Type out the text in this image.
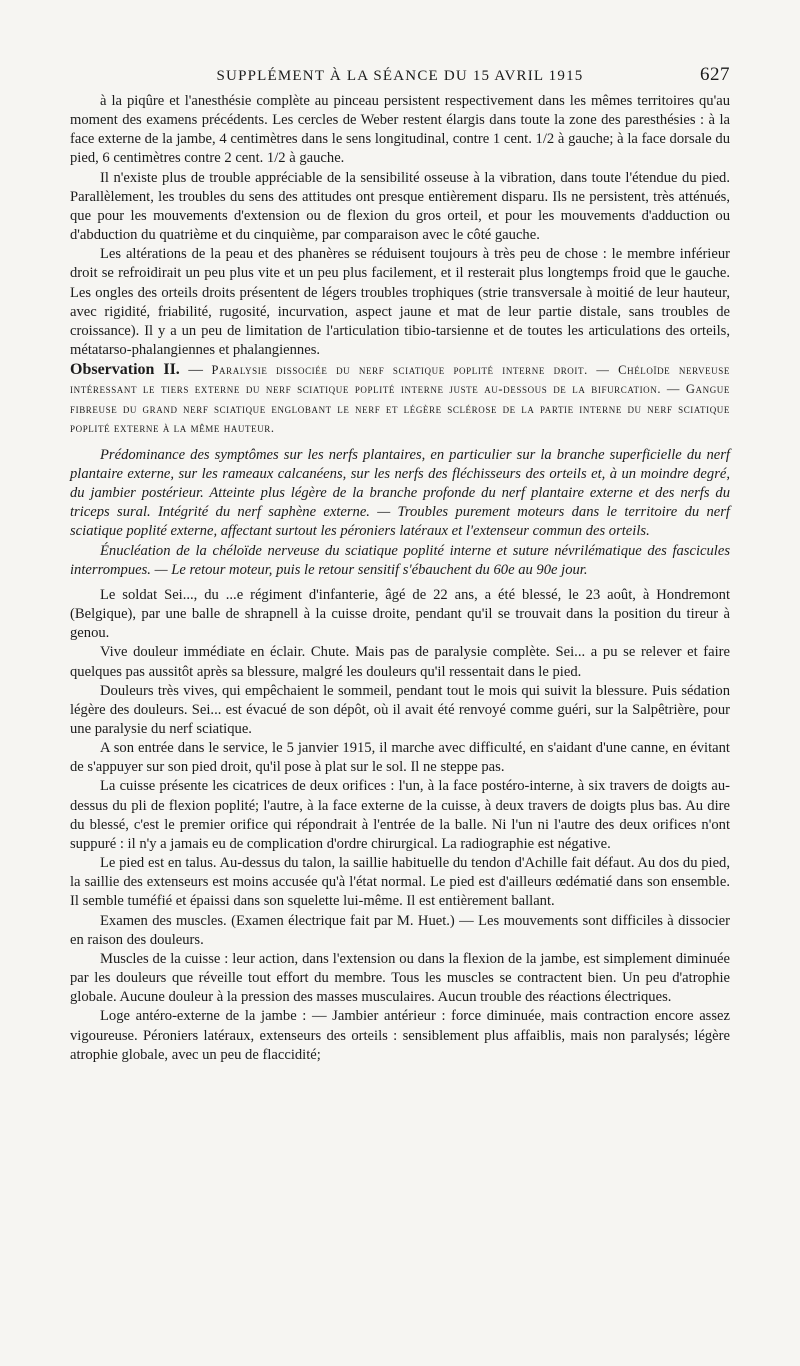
SUPPLÉMENT À LA SÉANCE DU 15 AVRIL 1915	627

à la piqûre et l'anesthésie complète au pinceau persistent respectivement dans les mêmes territoires qu'au moment des examens précédents. Les cercles de Weber restent élargis dans toute la zone des paresthésies : à la face externe de la jambe, 4 centimètres dans le sens longitudinal, contre 1 cent. 1/2 à gauche; à la face dorsale du pied, 6 centimètres contre 2 cent. 1/2 à gauche.

Il n'existe plus de trouble appréciable de la sensibilité osseuse à la vibration, dans toute l'étendue du pied. Parallèlement, les troubles du sens des attitudes ont presque entièrement disparu. Ils ne persistent, très atténués, que pour les mouvements d'extension ou de flexion du gros orteil, et pour les mouvements d'adduction ou d'abduction du quatrième et du cinquième, par comparaison avec le côté gauche.

Les altérations de la peau et des phanères se réduisent toujours à très peu de chose : le membre inférieur droit se refroidirait un peu plus vite et un peu plus facilement, et il resterait plus longtemps froid que le gauche. Les ongles des orteils droits présentent de légers troubles trophiques (strie transversale à moitié de leur hauteur, avec rigidité, friabilité, rugosité, incurvation, aspect jaune et mat de leur partie distale, sans troubles de croissance). Il y a un peu de limitation de l'articulation tibio-tarsienne et de toutes les articulations des orteils, métatarso-phalangiennes et phalangiennes.

Observation II. — Paralysie dissociée du nerf sciatique poplité interne droit. — Chéloïde nerveuse intéressant le tiers externe du nerf sciatique poplité interne juste au-dessous de la bifurcation. — Gangue fibreuse du grand nerf sciatique englobant le nerf et légère sclérose de la partie interne du nerf sciatique poplité externe à la même hauteur.

Prédominance des symptômes sur les nerfs plantaires, en particulier sur la branche superficielle du nerf plantaire externe, sur les rameaux calcanéens, sur les nerfs des fléchisseurs des orteils et, à un moindre degré, du jambier postérieur. Atteinte plus légère de la branche profonde du nerf plantaire externe et des nerfs du triceps sural. Intégrité du nerf saphène externe. — Troubles purement moteurs dans le territoire du nerf sciatique poplité externe, affectant surtout les péroniers latéraux et l'extenseur commun des orteils.

Énucléation de la chéloïde nerveuse du sciatique poplité interne et suture névrilématique des fascicules interrompues. — Le retour moteur, puis le retour sensitif s'ébauchent du 60e au 90e jour.

Le soldat Sei..., du ...e régiment d'infanterie, âgé de 22 ans, a été blessé, le 23 août, à Hondremont (Belgique), par une balle de shrapnell à la cuisse droite, pendant qu'il se trouvait dans la position du tireur à genou.

Vive douleur immédiate en éclair. Chute. Mais pas de paralysie complète. Sei... a pu se relever et faire quelques pas aussitôt après sa blessure, malgré les douleurs qu'il ressentait dans le pied.

Douleurs très vives, qui empêchaient le sommeil, pendant tout le mois qui suivit la blessure. Puis sédation légère des douleurs. Sei... est évacué de son dépôt, où il avait été renvoyé comme guéri, sur la Salpêtrière, pour une paralysie du nerf sciatique.

A son entrée dans le service, le 5 janvier 1915, il marche avec difficulté, en s'aidant d'une canne, en évitant de s'appuyer sur son pied droit, qu'il pose à plat sur le sol. Il ne steppe pas.

La cuisse présente les cicatrices de deux orifices : l'un, à la face postéro-interne, à six travers de doigts au-dessus du pli de flexion poplité; l'autre, à la face externe de la cuisse, à deux travers de doigts plus bas. Au dire du blessé, c'est le premier orifice qui répondrait à l'entrée de la balle. Ni l'un ni l'autre des deux orifices n'ont suppuré : il n'y a jamais eu de complication d'ordre chirurgical. La radiographie est négative.

Le pied est en talus. Au-dessus du talon, la saillie habituelle du tendon d'Achille fait défaut. Au dos du pied, la saillie des extenseurs est moins accusée qu'à l'état normal. Le pied est d'ailleurs œdématié dans son ensemble. Il semble tuméfié et épaissi dans son squelette lui-même. Il est entièrement ballant.

Examen des muscles. (Examen électrique fait par M. Huet.) — Les mouvements sont difficiles à dissocier en raison des douleurs.

Muscles de la cuisse : leur action, dans l'extension ou dans la flexion de la jambe, est simplement diminuée par les douleurs que réveille tout effort du membre. Tous les muscles se contractent bien. Un peu d'atrophie globale. Aucune douleur à la pression des masses musculaires. Aucun trouble des réactions électriques.

Loge antéro-externe de la jambe : — Jambier antérieur : force diminuée, mais contraction encore assez vigoureuse. Péroniers latéraux, extenseurs des orteils : sensiblement plus affaiblis, mais non paralysés; légère atrophie globale, avec un peu de flaccidité;
